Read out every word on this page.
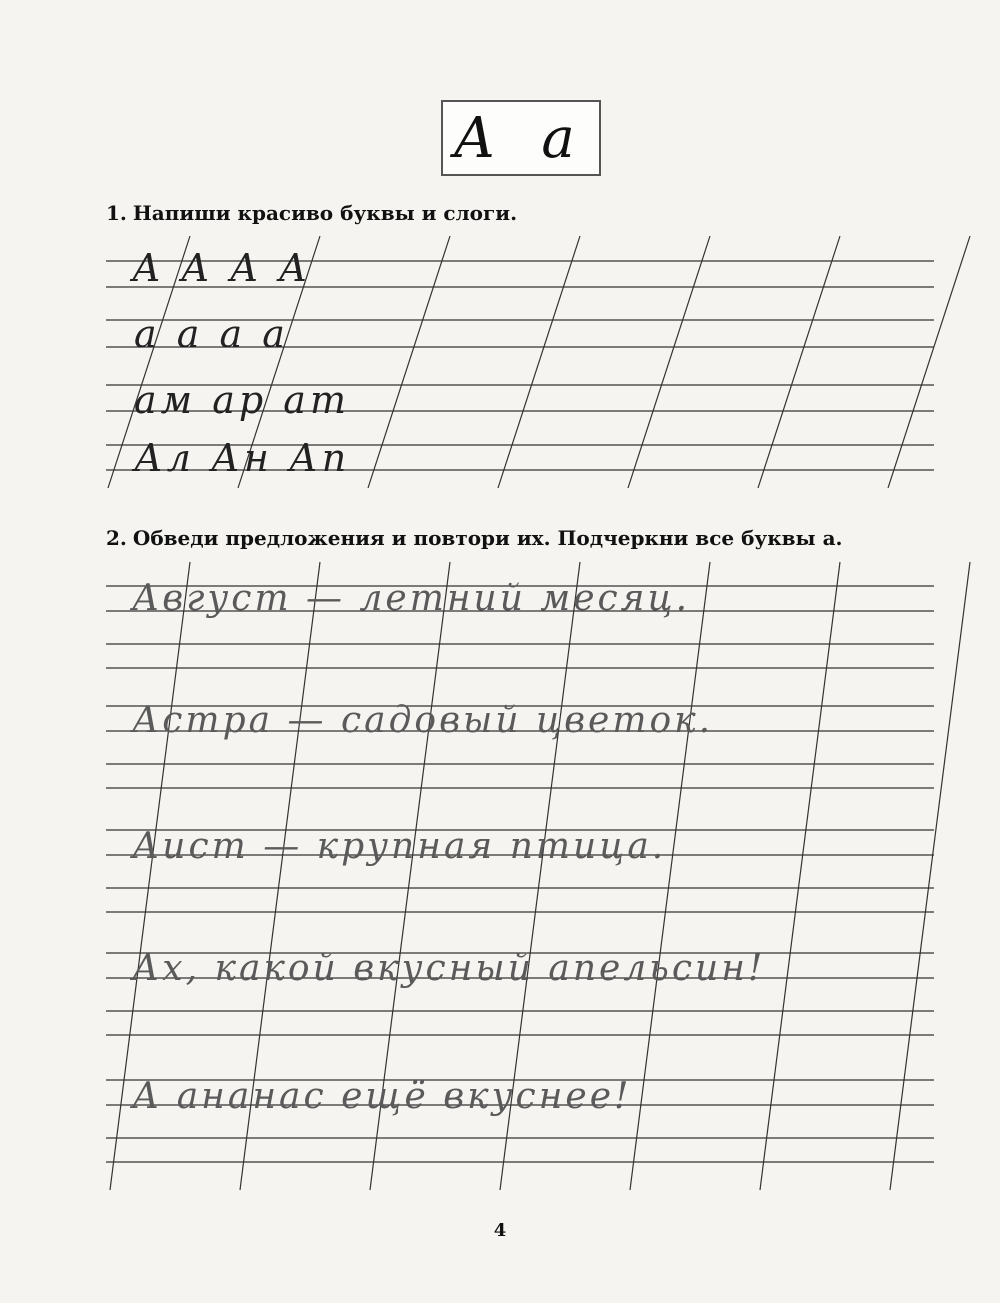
А а
1. Напиши красиво буквы и слоги.
А А А А
а а а а
ам ар ат
Ал Ан Ап
2. Обведи предложения и повтори их. Подчеркни все буквы а.
Август — летний месяц.
Астра — садовый цветок.
Аист — крупная птица.
Ах, какой вкусный апельсин!
А ананас ещё вкуснее!
4
